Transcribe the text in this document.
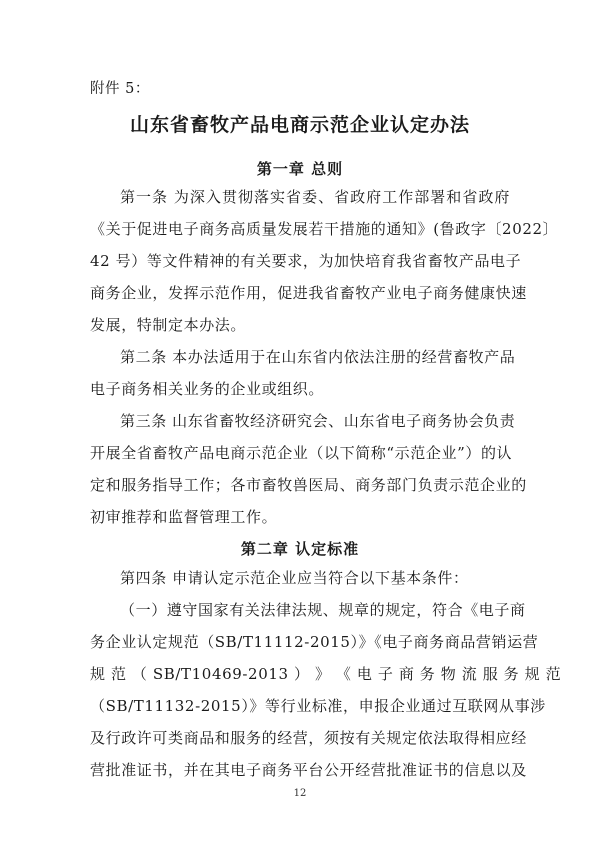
附件 5：
山东省畜牧产品电商示范企业认定办法
第一章 总则
第一条 为深入贯彻落实省委、省政府工作部署和省政府
《关于促进电子商务高质量发展若干措施的通知》(鲁政字〔2022〕
42 号）等文件精神的有关要求，为加快培育我省畜牧产品电子
商务企业，发挥示范作用，促进我省畜牧产业电子商务健康快速
发展，特制定本办法。
第二条 本办法适用于在山东省内依法注册的经营畜牧产品
电子商务相关业务的企业或组织。
第三条 山东省畜牧经济研究会、山东省电子商务协会负责
开展全省畜牧产品电商示范企业（以下简称“示范企业”）的认
定和服务指导工作；各市畜牧兽医局、商务部门负责示范企业的
初审推荐和监督管理工作。
第二章 认定标准
第四条 申请认定示范企业应当符合以下基本条件：
（一）遵守国家有关法律法规、规章的规定，符合《电子商
务企业认定规范（SB/T11112-2015）》《电子商务商品营销运营
规 范 （ SB/T10469-2013 ） 》 《 电 子 商 务 物 流 服 务 规 范
（SB/T11132-2015）》等行业标准，申报企业通过互联网从事涉
及行政许可类商品和服务的经营，须按有关规定依法取得相应经
营批准证书，并在其电子商务平台公开经营批准证书的信息以及
12
